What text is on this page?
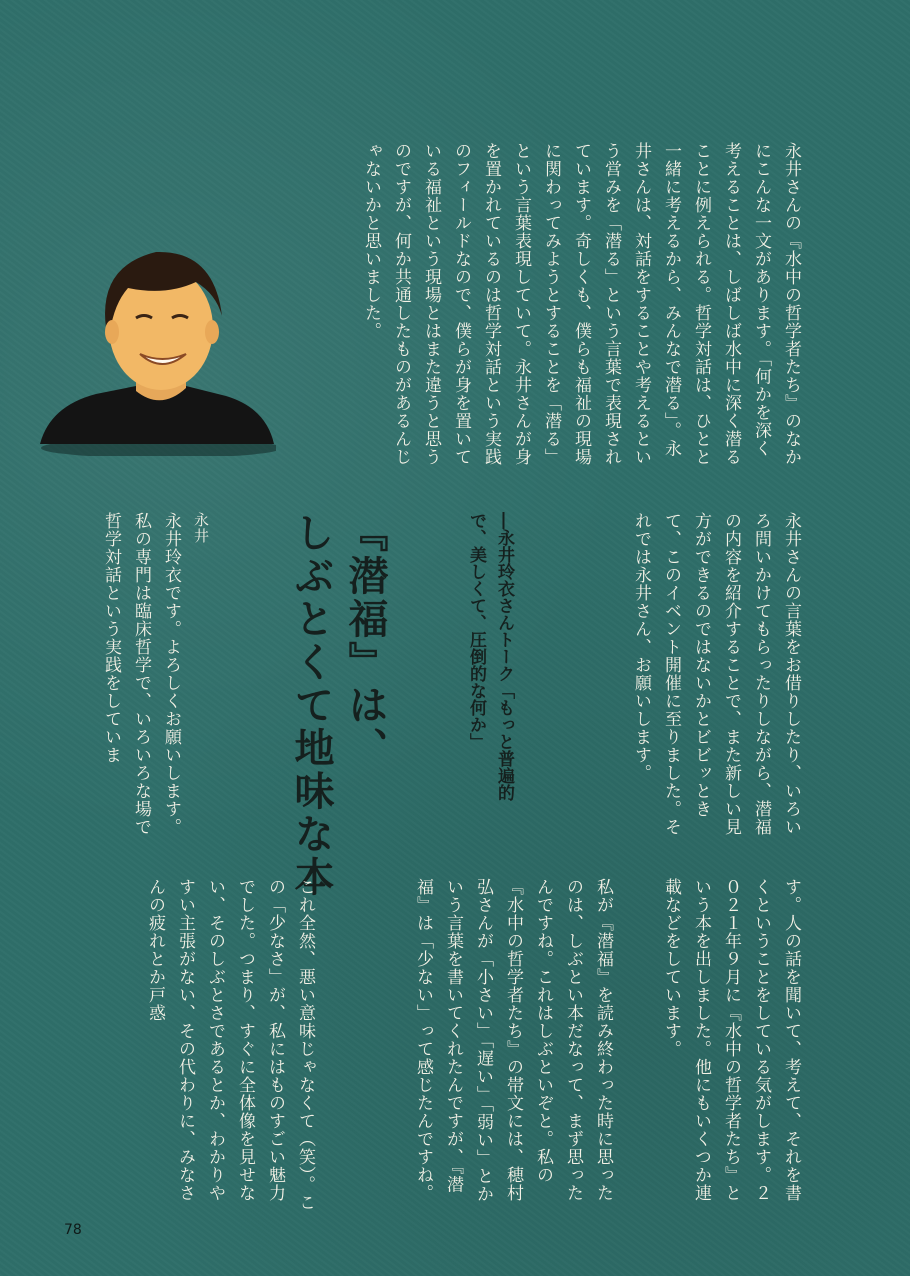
永井さんの『水中の哲学者たち』のなかにこんな一文があります。「何かを深く考えることは、しばしば水中に深く潜ることに例えられる。哲学対話は、ひとと一緒に考えるから、みんなで潜る」。永井さんは、対話をすることや考えるという営みを「潜る」という言葉で表現されています。奇しくも、僕らも福祉の現場に関わってみようとすることを「潜る」という言葉表現していて。永井さんが身を置かれているのは哲学対話という実践のフィールドなので、僕らが身を置いている福祉という現場とはまた違うと思うのですが、何か共通したものがあるんじゃないかと思いました。
永井さんの言葉をお借りしたり、いろいろ問いかけてもらったりしながら、潜福の内容を紹介することで、また新しい見方ができるのではないかとビビッときて、このイベント開催に至りました。それでは永井さん、お願いします。
―永井玲衣さんトーク「もっと普遍的
で、美しくて、圧倒的な何か」
『潜福』は、
しぶとくて地味な本

永井
永井玲衣です。よろしくお願いします。私の専門は臨床哲学で、いろいろな場で哲学対話という実践をしていま

す。人の話を聞いて、考えて、それを書くということをしている気がします。２０２１年９月に『水中の哲学者たち』という本を出しました。他にもいくつか連載などをしています。
私が『潜福』を読み終わった時に思ったのは、しぶとい本だなって、まず思ったんですね。これはしぶといぞと。私の『水中の哲学者たち』の帯文には、穂村弘さんが「小さい」「遅い」「弱い」とかいう言葉を書いてくれたんですが、『潜福』は「少ない」って感じたんですね。
これ全然、悪い意味じゃなくて（笑）。この「少なさ」が、私にはものすごい魅力でした。つまり、すぐに全体像を見せない、そのしぶとさであるとか、わかりやすい主張がない、その代わりに、みなさんの疲れとか戸惑
78
